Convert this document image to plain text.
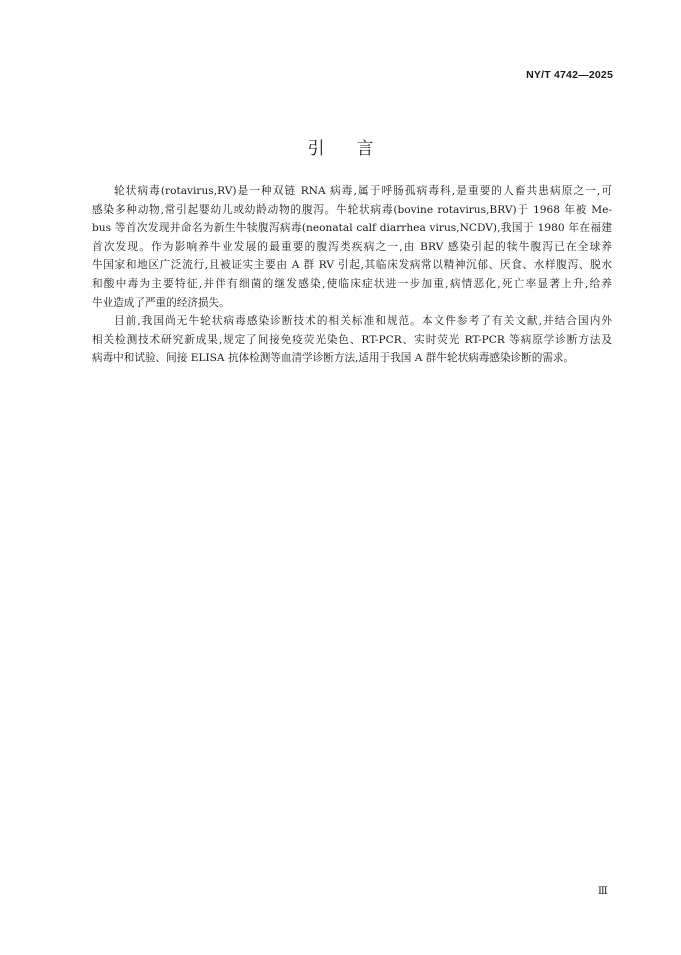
NY/T 4742—2025
引言
轮状病毒(rotavirus,RV)是一种双链 RNA 病毒,属于呼肠孤病毒科,是重要的人畜共患病原之一,可
感染多种动物,常引起婴幼儿或幼龄动物的腹泻。牛轮状病毒(bovine rotavirus,BRV)于 1968 年被 Me-
bus 等首次发现并命名为新生牛犊腹泻病毒(neonatal calf diarrhea virus,NCDV),我国于 1980 年在福建
首次发现。作为影响养牛业发展的最重要的腹泻类疾病之一,由 BRV 感染引起的犊牛腹泻已在全球养
牛国家和地区广泛流行,且被证实主要由 A 群 RV 引起,其临床发病常以精神沉郁、厌食、水样腹泻、脱水
和酸中毒为主要特征,并伴有细菌的继发感染,使临床症状进一步加重,病情恶化,死亡率显著上升,给养
牛业造成了严重的经济损失。
目前,我国尚无牛轮状病毒感染诊断技术的相关标准和规范。本文件参考了有关文献,并结合国内外
相关检测技术研究新成果,规定了间接免疫荧光染色、RT-PCR、实时荧光 RT-PCR 等病原学诊断方法及
病毒中和试验、间接 ELISA 抗体检测等血清学诊断方法,适用于我国 A 群牛轮状病毒感染诊断的需求。
Ⅲ
